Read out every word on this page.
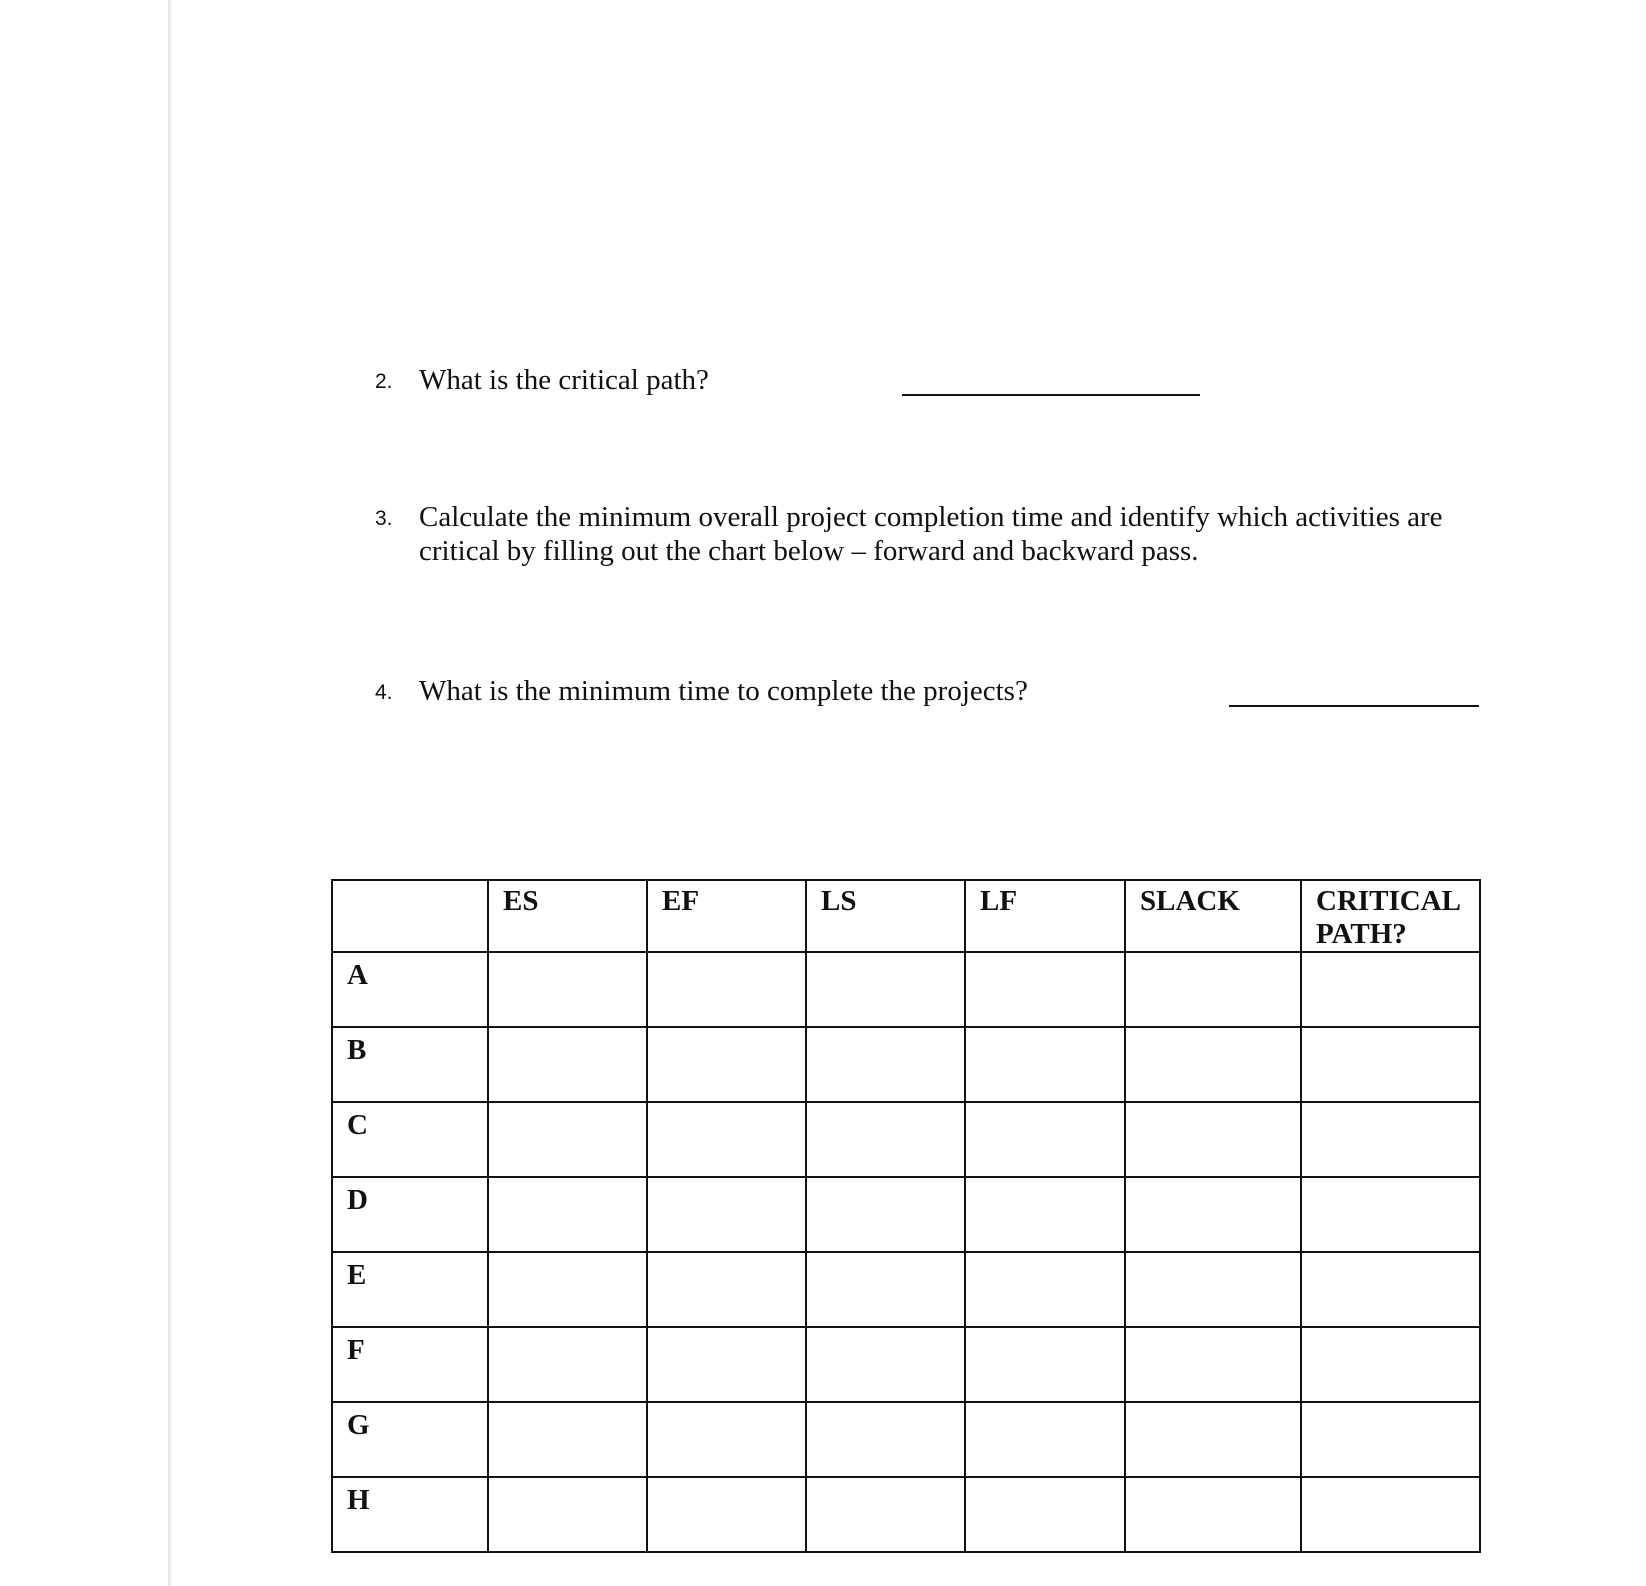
2. What is the critical path?
3. Calculate the minimum overall project completion time and identify which activities are critical by filling out the chart below – forward and backward pass.
4. What is the minimum time to complete the projects?
	ES	EF	LS	LF	SLACK	CRITICAL PATH?
A						
B						
C						
D						
E						
F						
G						
H						
